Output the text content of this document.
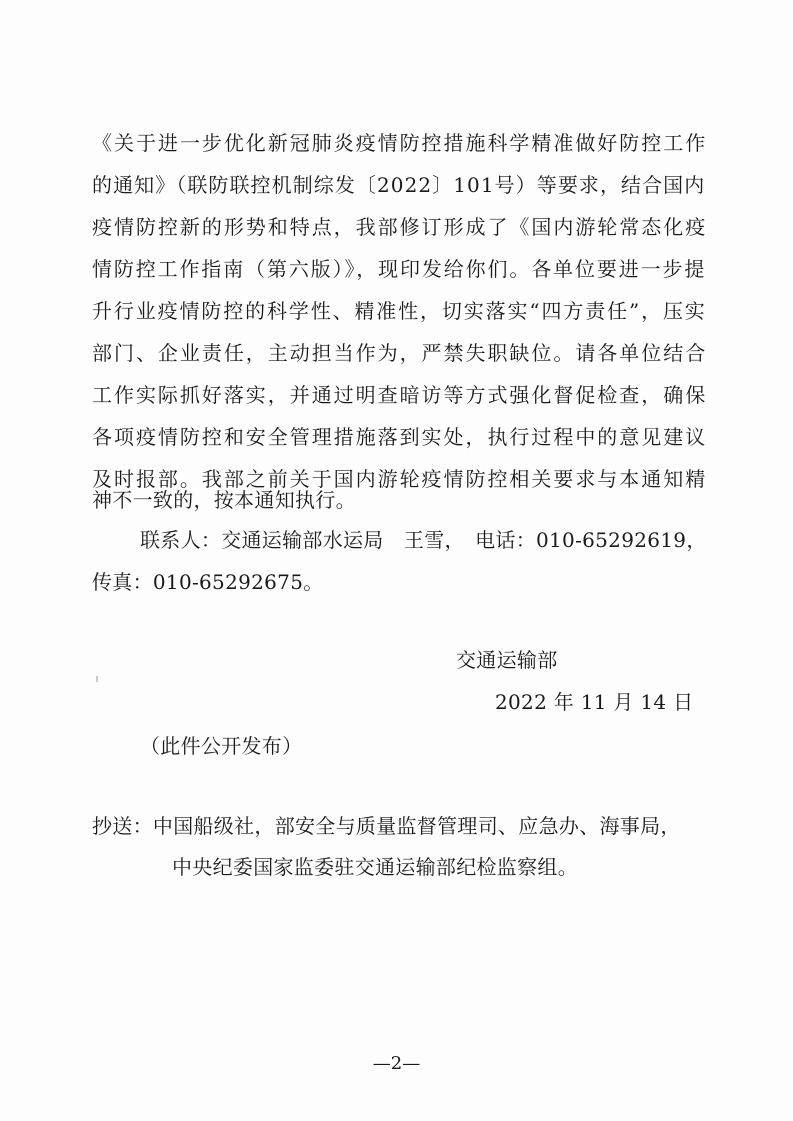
《关于进一步优化新冠肺炎疫情防控措施科学精准做好防控工作
的通知》（联防联控机制综发〔2022〕101号）等要求，结合国内
疫情防控新的形势和特点，我部修订形成了《国内游轮常态化疫
情防控工作指南（第六版）》，现印发给你们。各单位要进一步提
升行业疫情防控的科学性、精准性，切实落实“四方责任”，压实
部门、企业责任，主动担当作为，严禁失职缺位。请各单位结合
工作实际抓好落实，并通过明查暗访等方式强化督促检查，确保
各项疫情防控和安全管理措施落到实处，执行过程中的意见建议
及时报部。我部之前关于国内游轮疫情防控相关要求与本通知精
神不一致的，按本通知执行。
联系人：交通运输部水运局　王雪，　电话：010-65292619，
传真：010-65292675。
交通运输部
2022 年 11 月 14 日
（此件公开发布）
抄送：中国船级社，部安全与质量监督管理司、应急办、海事局，
中央纪委国家监委驻交通运输部纪检监察组。
—2—
